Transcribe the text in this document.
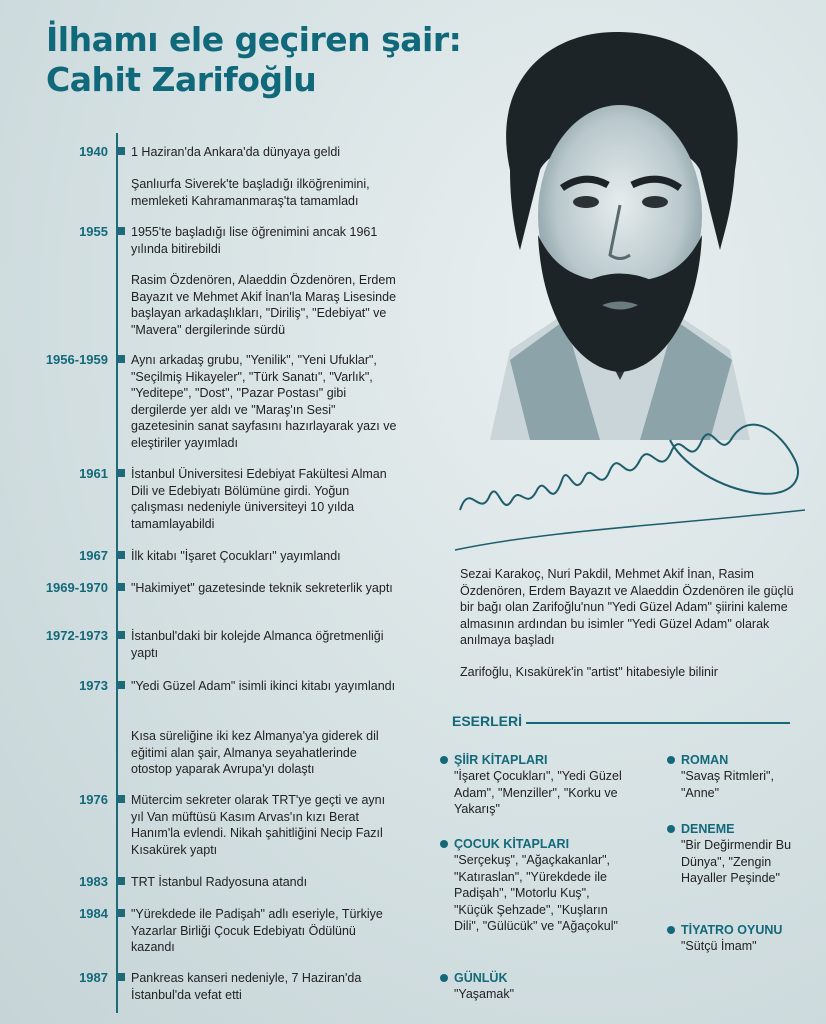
İlhamı ele geçiren şair:
Cahit Zarifoğlu
1940 1 Haziran'da Ankara'da dünyaya geldi
Şanlıurfa Siverek'te başladığı ilköğrenimini, memleketi Kahramanmaraş'ta tamamladı
1955 1955'te başladığı lise öğrenimini ancak 1961 yılında bitirebildi
Rasim Özdenören, Alaeddin Özdenören, Erdem Bayazıt ve Mehmet Akif İnan'la Maraş Lisesinde başlayan arkadaşlıkları, "Diriliş", "Edebiyat" ve "Mavera" dergilerinde sürdü
1956-1959 Aynı arkadaş grubu, "Yenilik", "Yeni Ufuklar", "Seçilmiş Hikayeler", "Türk Sanatı", "Varlık", "Yeditepe", "Dost", "Pazar Postası" gibi dergilerde yer aldı ve "Maraş'ın Sesi" gazetesinin sanat sayfasını hazırlayarak yazı ve eleştiriler yayımladı
1961 İstanbul Üniversitesi Edebiyat Fakültesi Alman Dili ve Edebiyatı Bölümüne girdi. Yoğun çalışması nedeniyle üniversiteyi 10 yılda tamamlayabildi
1967 İlk kitabı "İşaret Çocukları" yayımlandı
1969-1970 "Hakimiyet" gazetesinde teknik sekreterlik yaptı
1972-1973 İstanbul'daki bir kolejde Almanca öğretmenliği yaptı
1973 "Yedi Güzel Adam" isimli ikinci kitabı yayımlandı
Kısa süreliğine iki kez Almanya'ya giderek dil eğitimi alan şair, Almanya seyahatlerinde otostop yaparak Avrupa'yı dolaştı
1976 Mütercim sekreter olarak TRT'ye geçti ve aynı yıl Van müftüsü Kasım Arvas'ın kızı Berat Hanım'la evlendi. Nikah şahitliğini Necip Fazıl Kısakürek yaptı
1983 TRT İstanbul Radyosuna atandı
1984 "Yürekdede ile Padişah" adlı eseriyle, Türkiye Yazarlar Birliği Çocuk Edebiyatı Ödülünü kazandı
1987 Pankreas kanseri nedeniyle, 7 Haziran'da İstanbul'da vefat etti

Sezai Karakoç, Nuri Pakdil, Mehmet Akif İnan, Rasim Özdenören, Erdem Bayazıt ve Alaeddin Özdenören ile güçlü bir bağı olan Zarifoğlu'nun "Yedi Güzel Adam" şiirini kaleme almasının ardından bu isimler "Yedi Güzel Adam" olarak anılmaya başladı

Zarifoğlu, Kısakürek'in "artist" hitabesiyle bilinir

ESERLERİ
ŞİİR KİTAPLARI
"İşaret Çocukları", "Yedi Güzel Adam", "Menziller", "Korku ve Yakarış"
ÇOCUK KİTAPLARI
"Serçekuş", "Ağaçkakanlar", "Katıraslan", "Yürekdede ile Padişah", "Motorlu Kuş", "Küçük Şehzade", "Kuşların Dili", "Gülücük" ve "Ağaçokul"
GÜNLÜK
"Yaşamak"
ROMAN
"Savaş Ritmleri", "Anne"
DENEME
"Bir Değirmendir Bu Dünya", "Zengin Hayaller Peşinde"
TİYATRO OYUNU
"Sütçü İmam"
